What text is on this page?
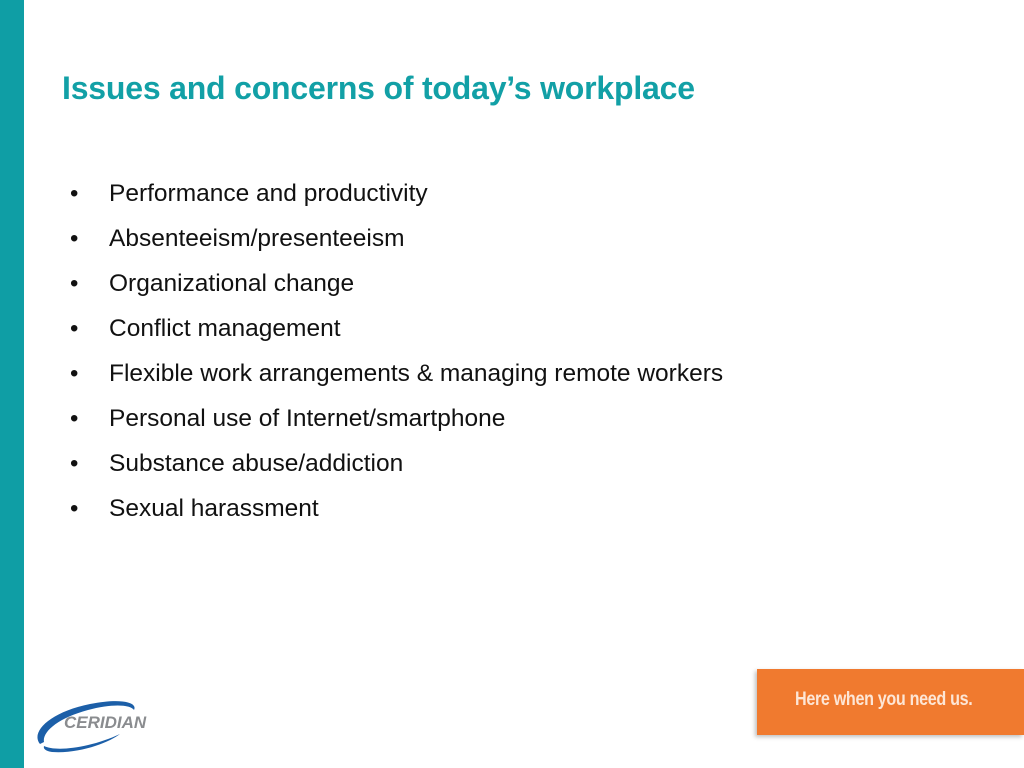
Issues and concerns of today’s workplace
•	Performance and productivity
•	Absenteeism/presenteeism
•	Organizational change
•	Conflict management
•	Flexible work arrangements & managing remote workers
•	Personal use of Internet/smartphone
•	Substance abuse/addiction
•	Sexual harassment
CERIDIAN
Here when you need us.
